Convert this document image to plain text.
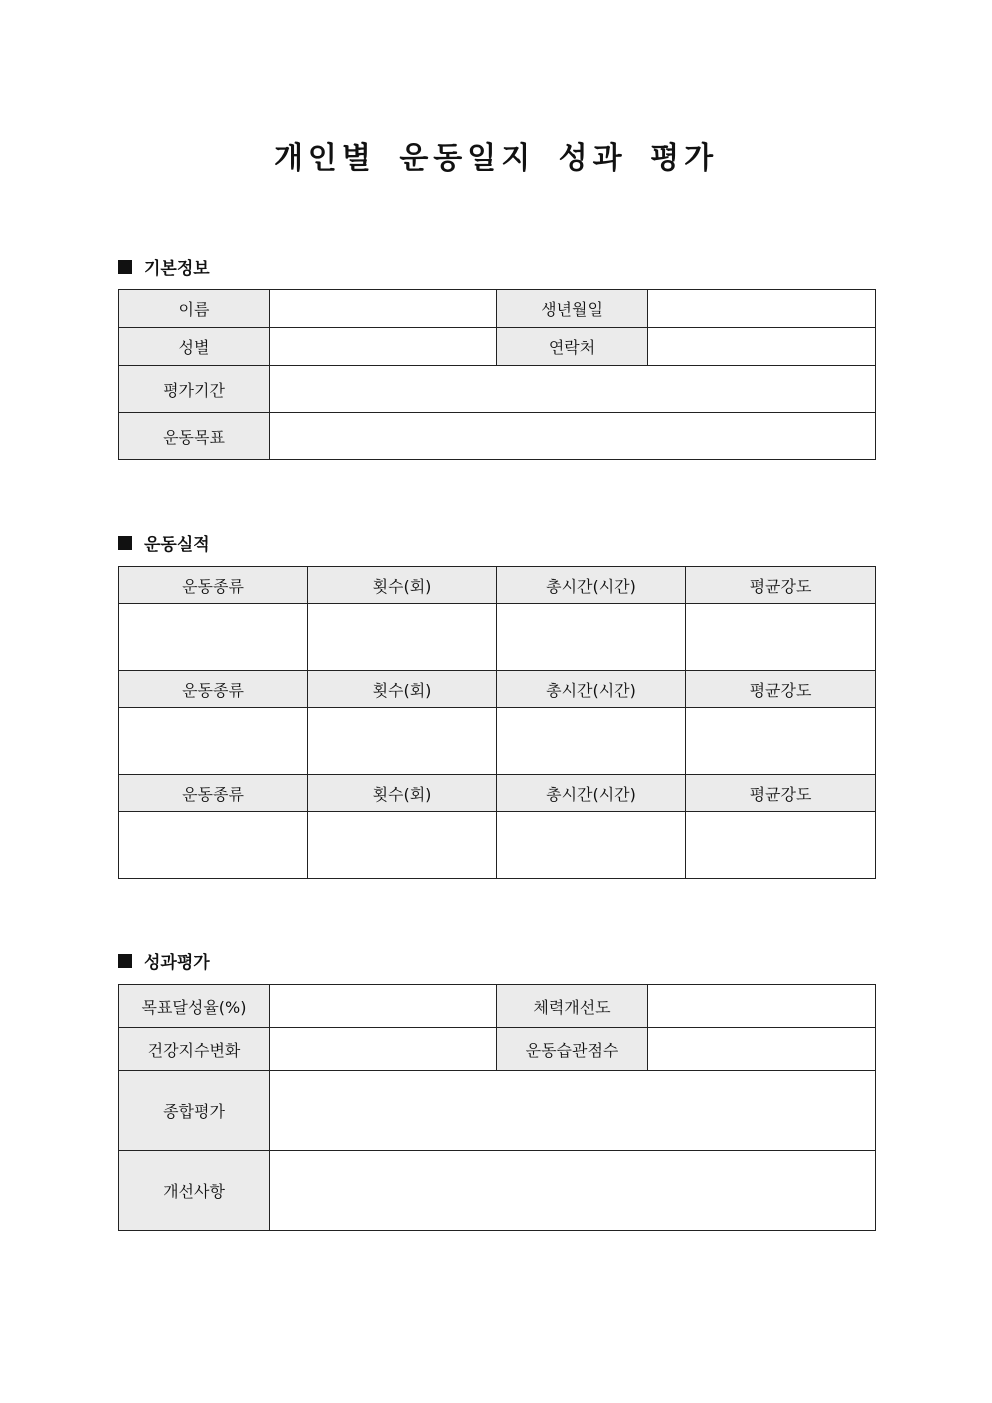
개인별 운동일지 성과 평가
기본정보
이름		생년월일	
성별		연락처	
평가기간			
운동목표			
운동실적
운동종류	횟수(회)	총시간(시간)	평균강도

운동종류	횟수(회)	총시간(시간)	평균강도

운동종류	횟수(회)	총시간(시간)	평균강도

성과평가
목표달성율(%)		체력개선도	
건강지수변화		운동습관점수	
종합평가			
개선사항			
